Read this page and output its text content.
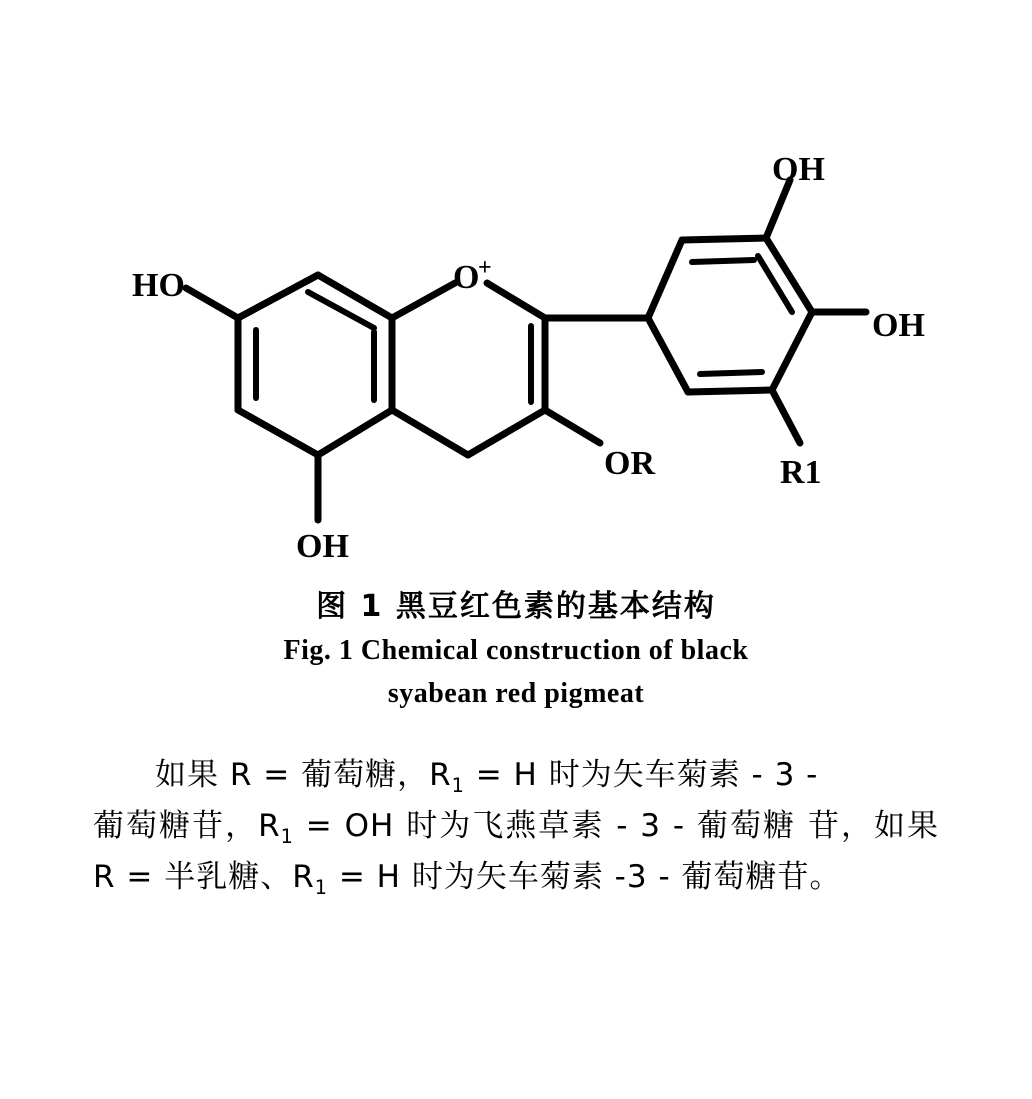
HO	O
+
OH
OR
OH
OH
R1
图 1 黑豆红色素的基本结构
Fig. 1 Chemical construction of black
syabean red pigmeat
如果 R = 葡萄糖，$R_1 = H$ 时为矢车菊素 - 3 -
葡萄糖苷，$R_1$ = OH 时为飞燕草素 - 3 - 葡萄糖 苷，如果 R = 半乳糖、$R_1 = H$ 时为矢车菊素 -3 - 葡萄糖苷。
